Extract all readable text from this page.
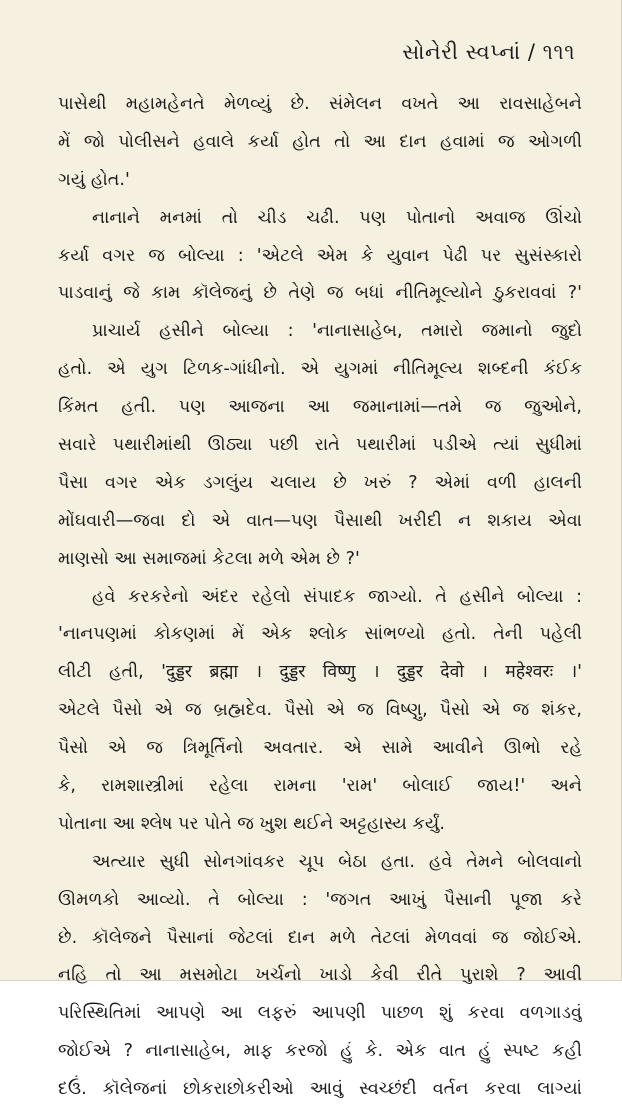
સોનેરી સ્વપ્નાં / ૧૧૧
પાસેથી મહામહેનતે મેળવ્યું છે. સંમેલન વખતે આ રાવસાહેબને
મેં જો પોલીસને હવાલે કર્યા હોત તો આ દાન હવામાં જ ઓગળી
ગયું હોત.'
નાનાને મનમાં તો ચીડ ચઢી. પણ પોતાનો અવાજ ઊંચો
કર્યા વગર જ બોલ્યા : 'એટલે એમ કે યુવાન પેઢી પર સુસંસ્કારો
પાડવાનું જે કામ કૉલેજનું છે તેણે જ બધાં નીતિમૂલ્યોને ઠુકરાવવાં ?'
પ્રાચાર્ય હસીને બોલ્યા : 'નાનાસાહેબ, તમારો જમાનો જુદો
હતો. એ યુગ ટિળક-ગાંધીનો. એ યુગમાં નીતિમૂલ્ય શબ્દની કંઈક
કિંમત હતી. પણ આજના આ જમાનામાં—તમે જ જુઓને,
સવારે પથારીમાંથી ઊઠ્યા પછી રાતે પથારીમાં પડીએ ત્યાં સુધીમાં
પૈસા વગર એક ડગલુંય ચલાય છે ખરું ? એમાં વળી હાલની
મોંઘવારી—જવા દો એ વાત—પણ પૈસાથી ખરીદી ન શકાય એવા
માણસો આ સમાજમાં કેટલા મળે એમ છે ?'
હવે કરકરેનો અંદર રહેલો સંપાદક જાગ્યો. તે હસીને બોલ્યા :
'નાનપણમાં કોકણમાં મેં એક શ્લોક સાંભળ્યો હતો. તેની પહેલી
લીટી હતી, 'दुड्डर ब्रह्मा । दुड्डर विष्णु । दुड्डर देवो । महेश्वरः ।'
એટલે પૈસો એ જ બ્રહ્મદેવ. પૈસો એ જ વિષ્ણુ, પૈસો એ જ શંકર,
પૈસો એ જ ત્રિમૂર્તિનો અવતાર. એ સામે આવીને ઊભો રહે
કે, રામશાસ્ત્રીમાં રહેલા રામના 'રામ' બોલાઈ જાય!' અને
પોતાના આ શ્લેષ પર પોતે જ ખુશ થઈને અટ્ટહાસ્ય કર્યું.
અત્યાર સુધી સોનગાંવકર ચૂપ બેઠા હતા. હવે તેમને બોલવાનો
ઊમળકો આવ્યો. તે બોલ્યા : 'જગત આખું પૈસાની પૂજા કરે
છે. કૉલેજને પૈસાનાં જેટલાં દાન મળે તેટલાં મેળવવાં જ જોઈએ.
નહિ તો આ મસમોટા ખર્ચનો ખાડો કેવી રીતે પુરાશે ? આવી
પરિસ્થિતિમાં આપણે આ લફરું આપણી પાછળ શું કરવા વળગાડવું
જોઈએ ? નાનાસાહેબ, માફ કરજો હું કે. એક વાત હું સ્પષ્ટ કહી
દઉં. કૉલેજનાં છોકરાછોકરીઓ આવું સ્વચ્છંદી વર્તન કરવા લાગ્યાં
